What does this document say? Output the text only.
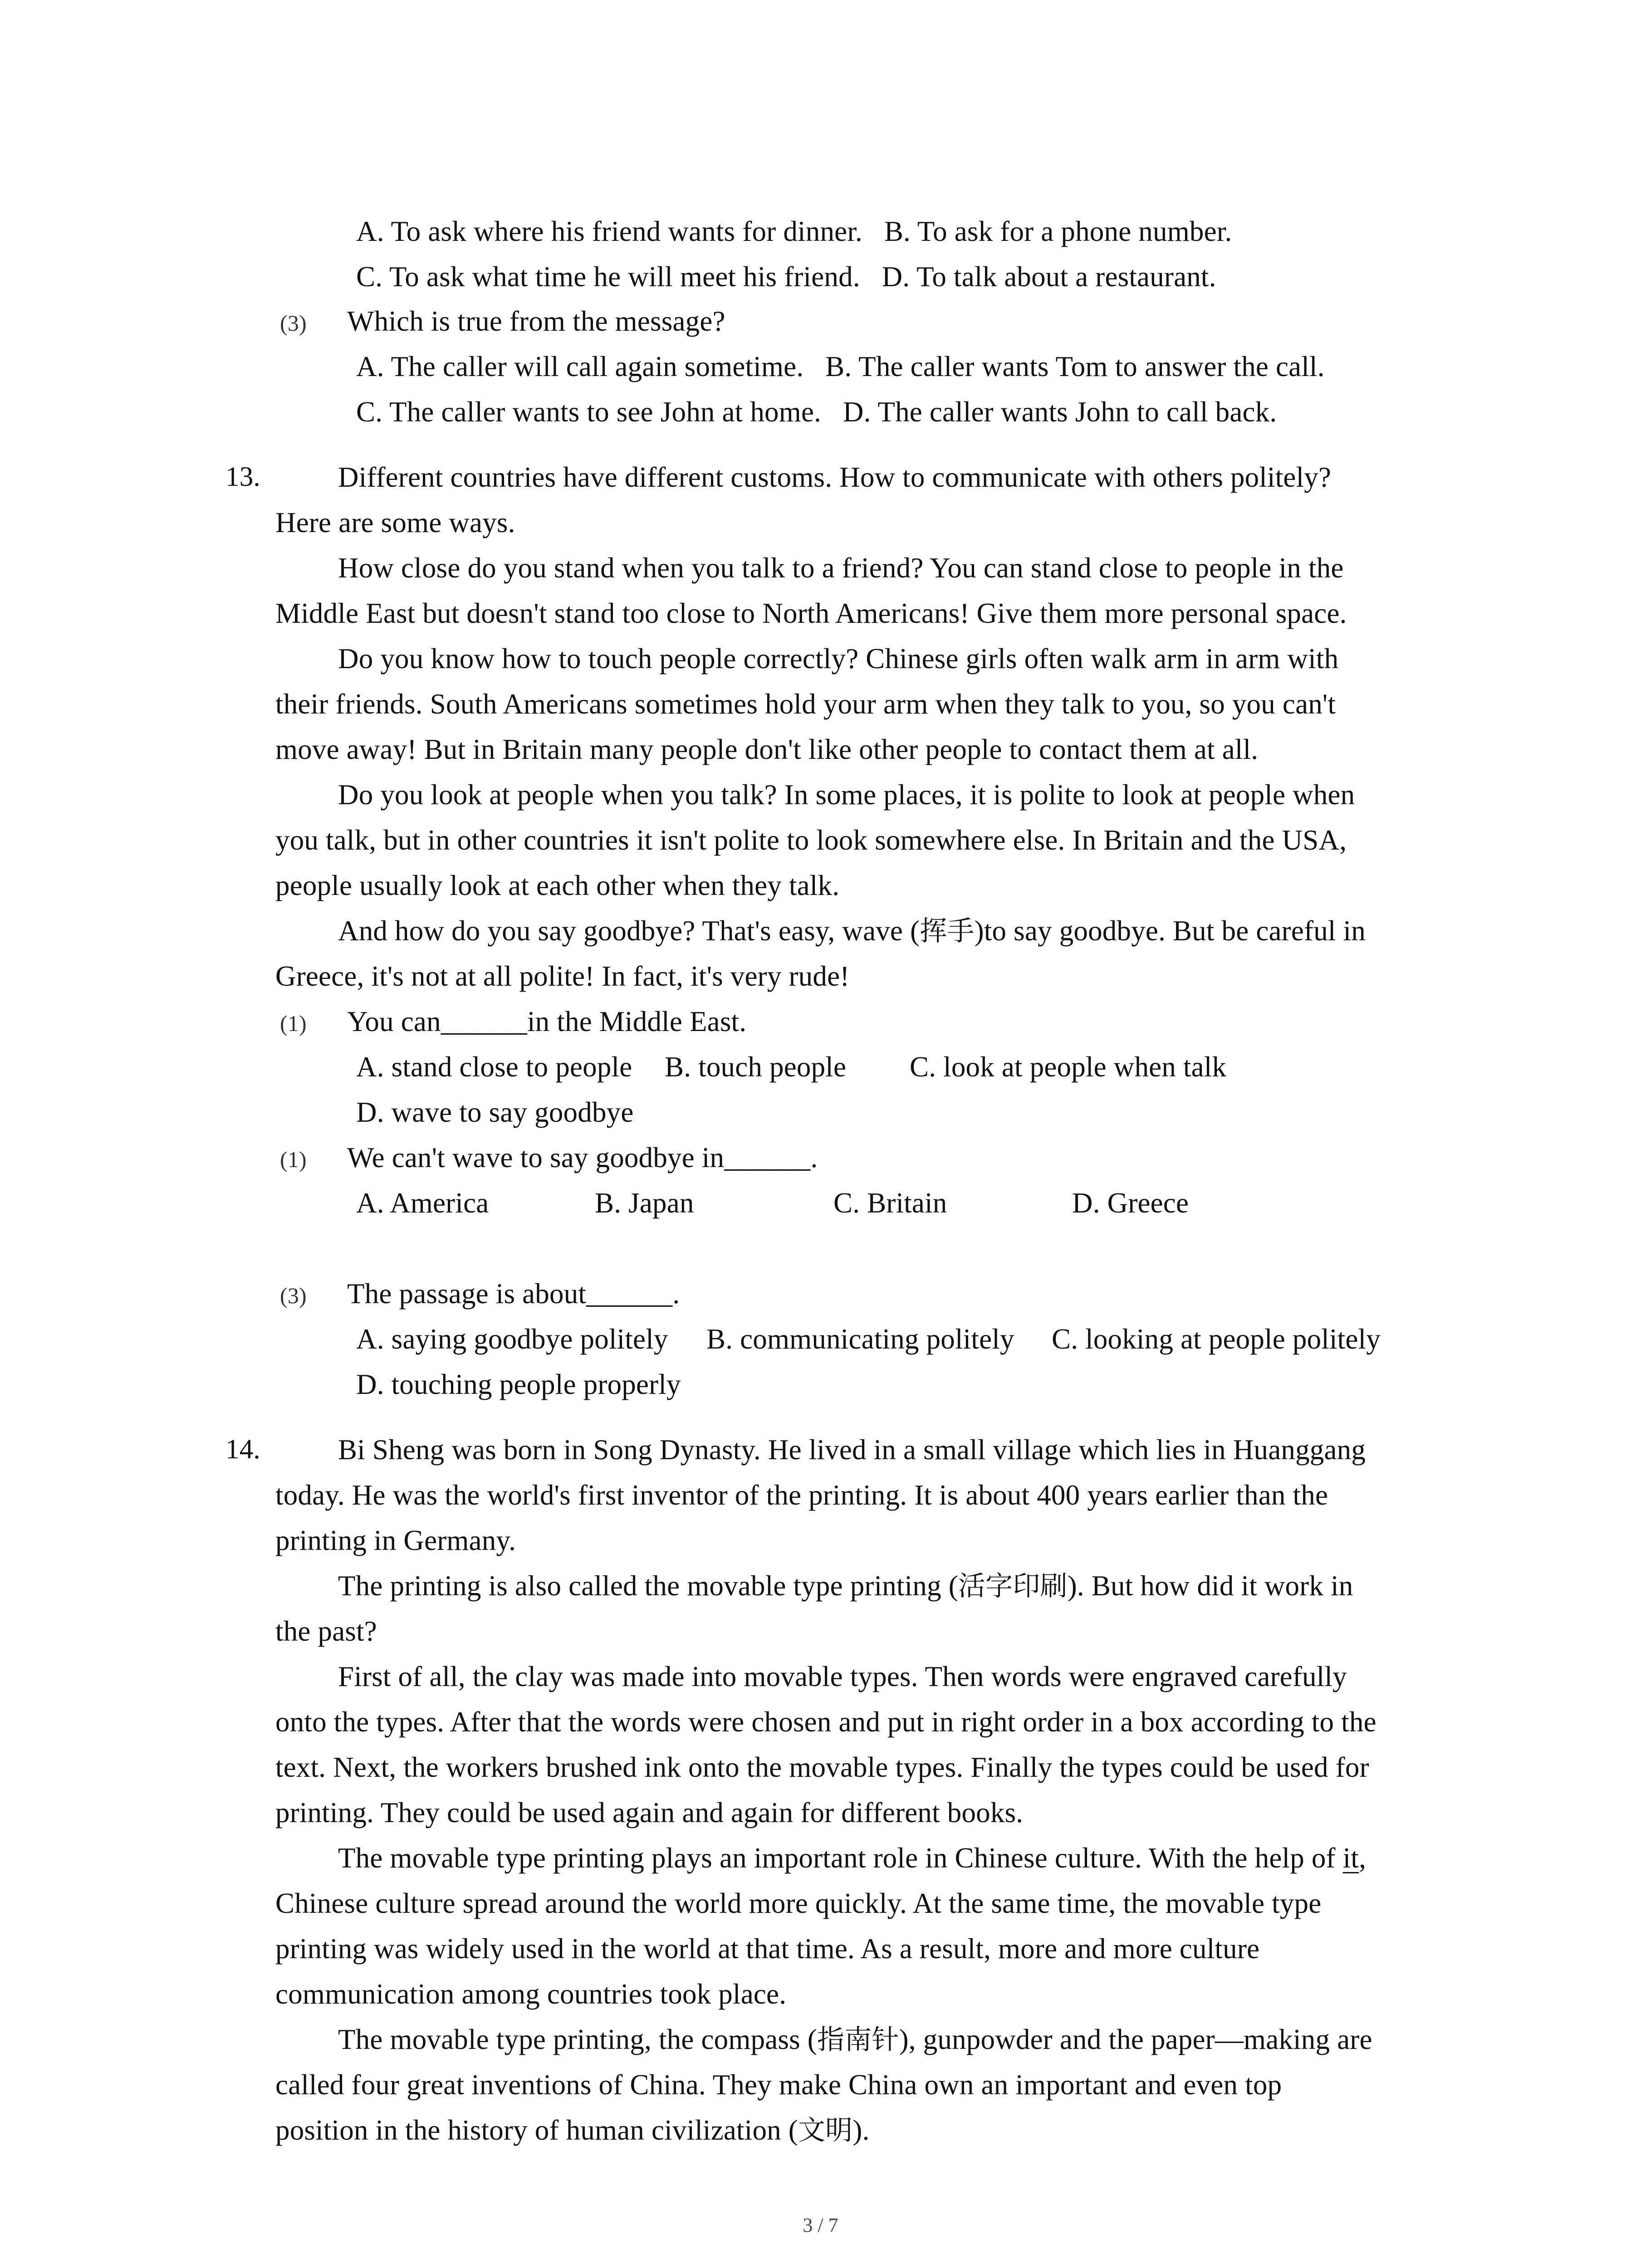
A. To ask where his friend wants for dinner.   B. To ask for a phone number.

C. To ask what time he will meet his friend.   D. To talk about a restaurant.

(3) Which is true from the message?

A. The caller will call again sometime.   B. The caller wants Tom to answer the call.

C. The caller wants to see John at home.   D. The caller wants John to call back.

13.	Different countries have different customs. How to communicate with others politely?

Here are some ways.

How close do you stand when you talk to a friend? You can stand close to people in the

Middle East but doesn't stand too close to North Americans! Give them more personal space.

Do you know how to touch people correctly? Chinese girls often walk arm in arm with

their friends. South Americans sometimes hold your arm when they talk to you, so you can't

move away! But in Britain many people don't like other people to contact them at all.

Do you look at people when you talk? In some places, it is polite to look at people when

you talk, but in other countries it isn't polite to look somewhere else. In Britain and the USA,

people usually look at each other when they talk.

And how do you say goodbye? That's easy, wave (挥手)to say goodbye. But be careful in

Greece, it's not at all polite! In fact, it's very rude!

(1) You can______in the Middle East.

A. stand close to people

B. touch people

C. look at people when talk

D. wave to say goodbye

(1) We can't wave to say goodbye in______.

A. America

	B. Japan

	C. Britain

	D. Greece

(3) The passage is about______.

A. saying goodbye politely

B. communicating politely

C. looking at people politely

D. touching people properly

14.	Bi Sheng was born in Song Dynasty. He lived in a small village which lies in Huanggang

today. He was the world's first inventor of the printing. It is about 400 years earlier than the

printing in Germany.

The printing is also called the movable type printing (活字印刷). But how did it work in

the past?

First of all, the clay was made into movable types. Then words were engraved carefully

onto the types. After that the words were chosen and put in right order in a box according to the

text. Next, the workers brushed ink onto the movable types. Finally the types could be used for

printing. They could be used again and again for different books.

The movable type printing plays an important role in Chinese culture. With the help of it,

Chinese culture spread around the world more quickly. At the same time, the movable type

printing was widely used in the world at that time. As a result, more and more culture

communication among countries took place.

The movable type printing, the compass (指南针), gunpowder and the paper—making are

called four great inventions of China. They make China own an important and even top

position in the history of human civilization (文明).

3 / 7
